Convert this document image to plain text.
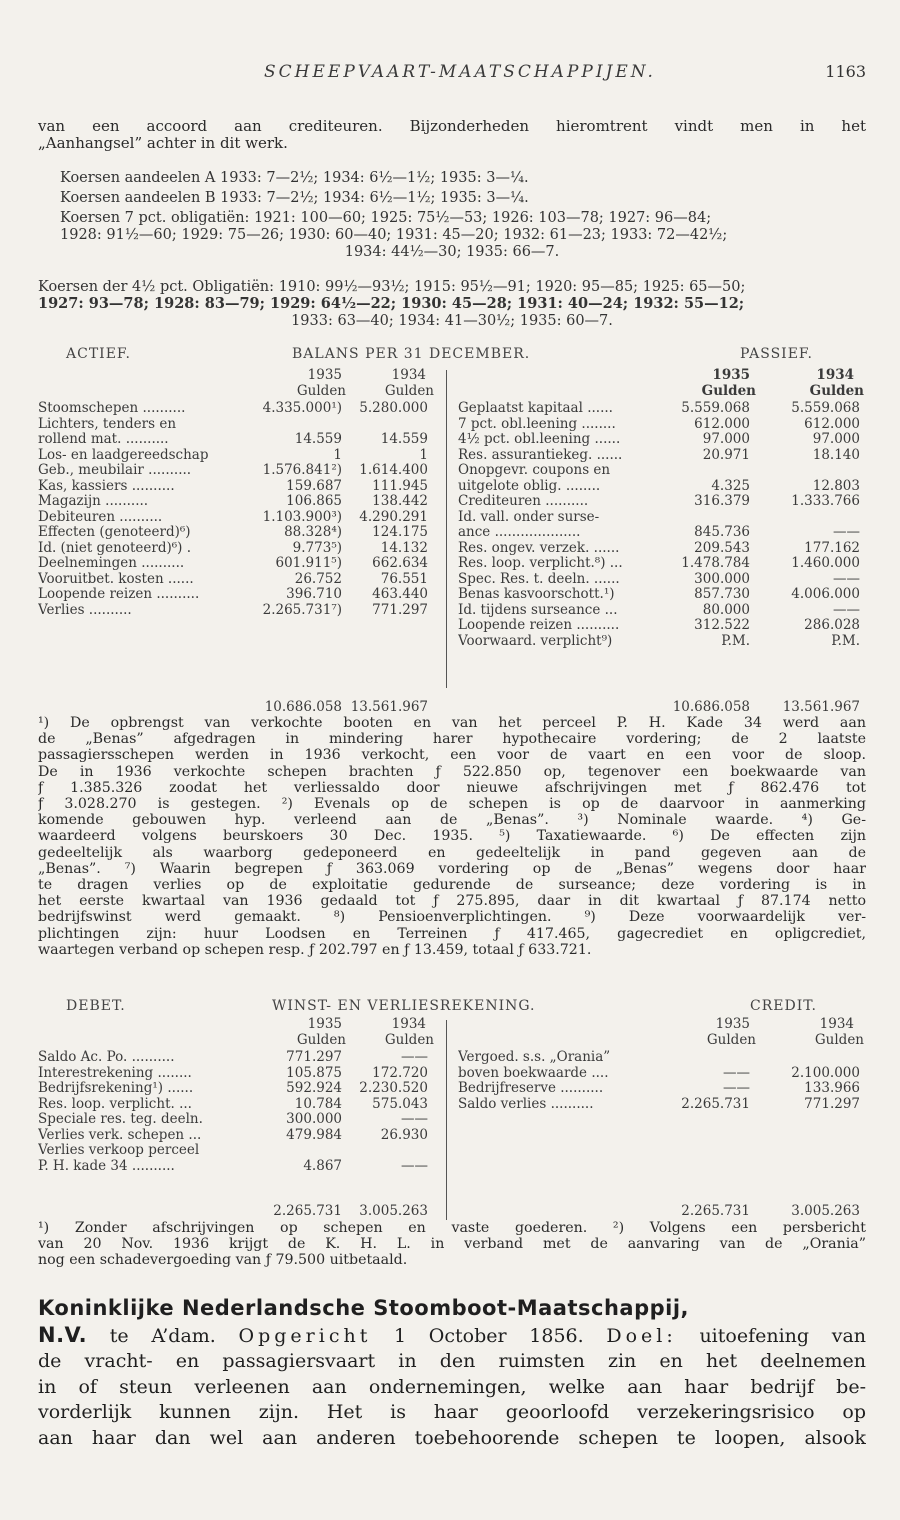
SCHEEPVAART-MAATSCHAPPIJEN.	1163
van een accoord aan crediteuren. Bijzonderheden hieromtrent vindt men in het
„Aanhangsel” achter in dit werk.
Koersen aandeelen A 1933: 7—2½; 1934: 6½—1½; 1935: 3—¼.
Koersen aandeelen B 1933: 7—2½; 1934: 6½—1½; 1935: 3—¼.
Koersen 7 pct. obligatiën: 1921: 100—60; 1925: 75½—53; 1926: 103—78; 1927: 96—84;
1928: 91½—60; 1929: 75—26; 1930: 60—40; 1931: 45—20; 1932: 61—23; 1933: 72—42½;
1934: 44½—30; 1935: 66—7.
Koersen der 4½ pct. Obligatiën: 1910: 99½—93½; 1915: 95½—91; 1920: 95—85; 1925: 65—50;
1927: 93—78; 1928: 83—79; 1929: 64½—22; 1930: 45—28; 1931: 40—24; 1932: 55—12;
1933: 63—40; 1934: 41—30½; 1935: 60—7.
ACTIEF.	BALANS PER 31 DECEMBER.	PASSIEF.
1935	1934
Gulden	Gulden
1935	1934
Gulden	Gulden
Stoomschepen ..........	4.335.000¹) 5.280.000
Lichters, tenders en
rollend mat. ..........	14.559	14.559
Los- en laadgereedschap	1	1
Geb., meubilair ..........	1.576.841²) 1.614.400
Kas, kassiers ..........	159.687 111.945
Magazijn ..........	106.865 138.442
Debiteuren ..........	1.103.900³) 4.290.291
Effecten (genoteerd)⁶)	88.328⁴) 124.175
Id. (niet genoteerd)⁶) .	9.773⁵)	14.132
Deelnemingen ..........	601.911⁵) 662.634
Vooruitbet. kosten ......	26.752	76.551
Loopende reizen ..........	396.710 463.440
Verlies ..........	2.265.731⁷) 771.297
Geplaatst kapitaal ......	5.559.068	5.559.068
7 pct. obl.leening ........	612.000	612.000
4½ pct. obl.leening ......	97.000	97.000
Res. assurantiekeg. ......	20.971	18.140
Onopgevr. coupons en
uitgelote oblig. ........	4.325	12.803
Crediteuren ..........	316.379	1.333.766
Id. vall. onder surse-
ance ....................	845.736	——
Res. ongev. verzek. ......	209.543	177.162
Res. loop. verplicht.⁸) ...	1.478.784	1.460.000
Spec. Res. t. deeln. ......	300.000	——
Benas kasvoorschott.¹)	857.730	4.006.000
Id. tijdens surseance ...	80.000	——
Loopende reizen ..........	312.522	286.028
Voorwaard. verplicht⁹)	P.M.	P.M.
10.686.058 13.561.967	10.686.058 13.561.967
¹) De opbrengst van verkochte booten en van het perceel P. H. Kade 34 werd aan
de „Benas” afgedragen in mindering harer hypothecaire vordering; de 2 laatste
passagiersschepen werden in 1936 verkocht, een voor de vaart en een voor de sloop.
De in 1936 verkochte schepen brachten ƒ 522.850 op, tegenover een boekwaarde van
ƒ 1.385.326 zoodat het verliessaldo door nieuwe afschrijvingen met ƒ 862.476 tot
ƒ 3.028.270 is gestegen. ²) Evenals op de schepen is op de daarvoor in aanmerking
komende gebouwen hyp. verleend aan de „Benas”. ³) Nominale waarde. ⁴) Ge-
waardeerd volgens beurskoers 30 Dec. 1935. ⁵) Taxatiewaarde. ⁶) De effecten zijn
gedeeltelijk als waarborg gedeponeerd en gedeeltelijk in pand gegeven aan de
„Benas”. ⁷) Waarin begrepen ƒ 363.069 vordering op de „Benas” wegens door haar
te dragen verlies op de exploitatie gedurende de surseance; deze vordering is in
het eerste kwartaal van 1936 gedaald tot ƒ 275.895, daar in dit kwartaal ƒ 87.174 netto
bedrijfswinst werd gemaakt. ⁸) Pensioenverplichtingen. ⁹) Deze voorwaardelijk ver-
plichtingen zijn: huur Loodsen en Terreinen ƒ 417.465, gagecrediet en opligcrediet,
waartegen verband op schepen resp. ƒ 202.797 en ƒ 13.459, totaal ƒ 633.721.
DEBET.	WINST- EN VERLIESREKENING.	CREDIT.
1935	1934
Gulden	Gulden
1935	1934
Gulden	Gulden
Saldo Ac. Po. ..........	771.297	——
Interestrekening ........	105.875 172.720
Bedrijfsrekening¹) ......	592.924 2.230.520
Res. loop. verplicht. ...	10.784 575.043
Speciale res. teg. deeln.	300.000	——
Verlies verk. schepen ...	479.984	26.930
Verlies verkoop perceel
P. H. kade 34 ..........	4.867	——
Vergoed. s.s. „Orania”
boven boekwaarde ....	——	2.100.000
Bedrijfreserve ..........	——	133.966
Saldo verlies ..........	2.265.731	771.297
2.265.731 3.005.263	2.265.731	3.005.263
¹) Zonder afschrijvingen op schepen en vaste goederen. ²) Volgens een persbericht
van 20 Nov. 1936 krijgt de K. H. L. in verband met de aanvaring van de „Orania”
nog een schadevergoeding van ƒ 79.500 uitbetaald.
Koninklijke Nederlandsche Stoomboot-Maatschappij,
N.V. te A’dam. Opgericht 1 October 1856. Doel: uitoefening van
de vracht- en passagiersvaart in den ruimsten zin en het deelnemen
in of steun verleenen aan ondernemingen, welke aan haar bedrijf be-
vorderlijk kunnen zijn. Het is haar geoorloofd verzekeringsrisico op
aan haar dan wel aan anderen toebehoorende schepen te loopen, alsook
